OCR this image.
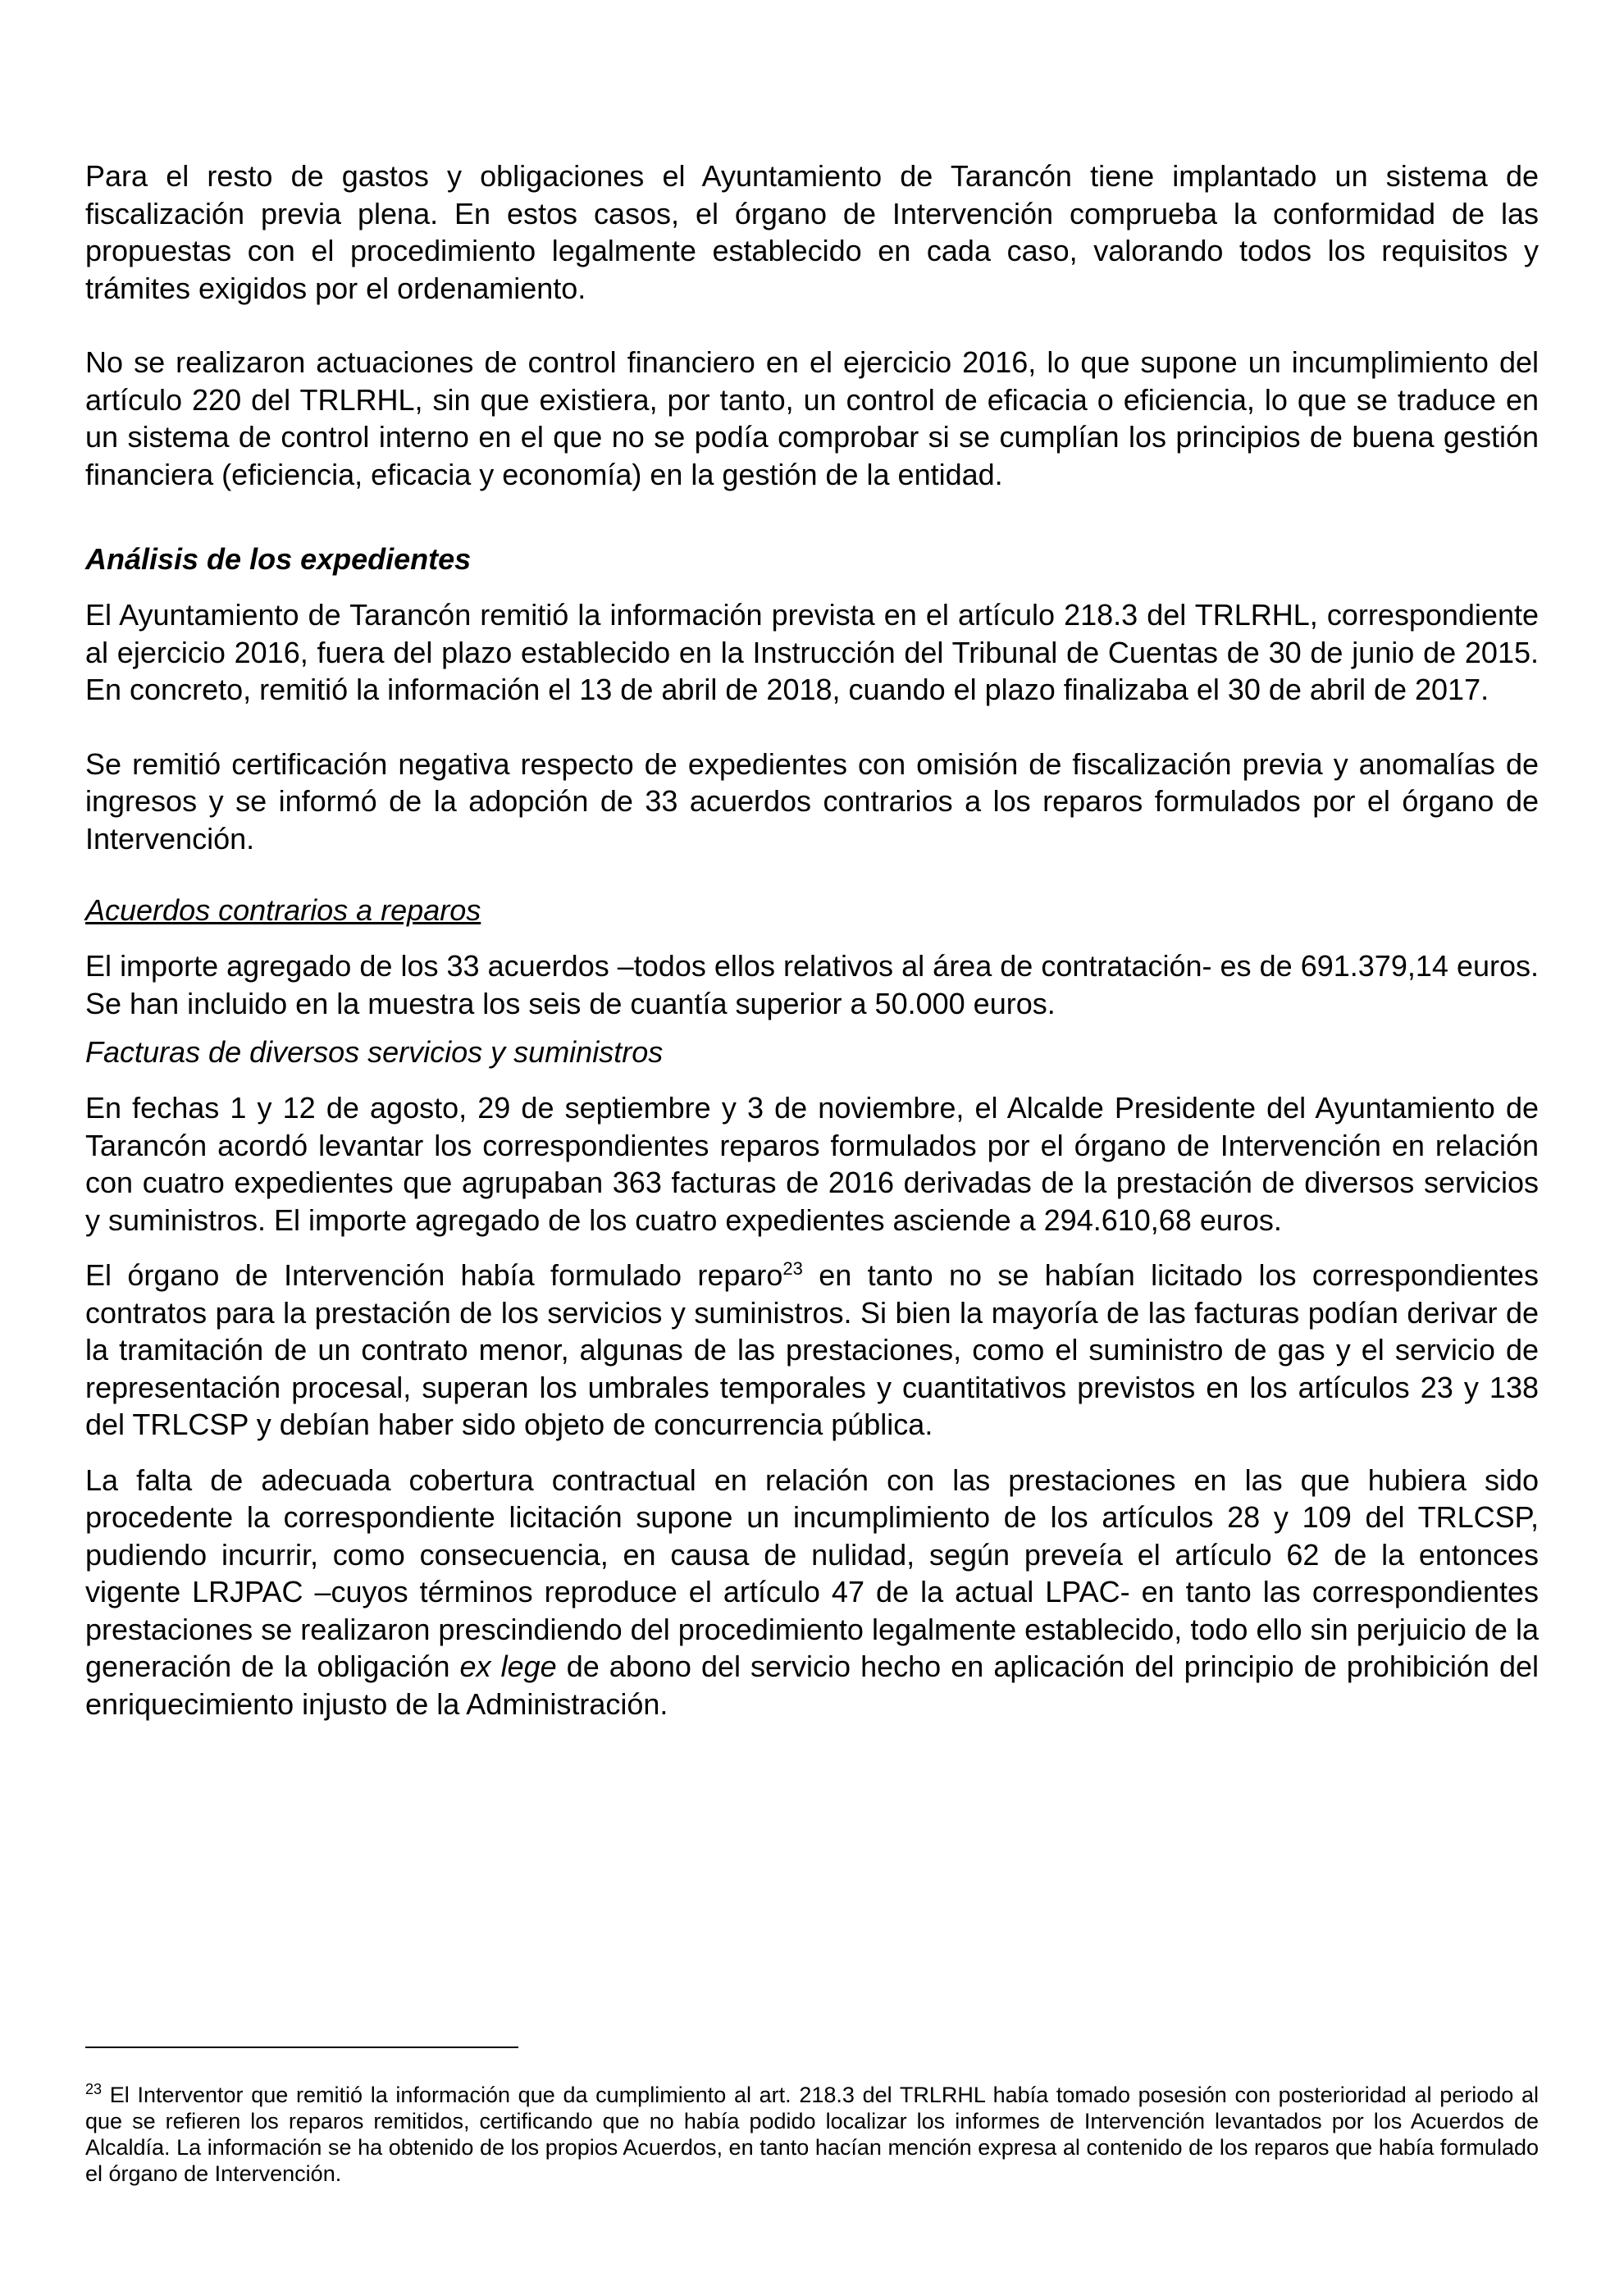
Para el resto de gastos y obligaciones el Ayuntamiento de Tarancón tiene implantado un sistema de fiscalización previa plena. En estos casos, el órgano de Intervención comprueba la conformidad de las propuestas con el procedimiento legalmente establecido en cada caso, valorando todos los requisitos y trámites exigidos por el ordenamiento.

No se realizaron actuaciones de control financiero en el ejercicio 2016, lo que supone un incumplimiento del artículo 220 del TRLRHL, sin que existiera, por tanto, un control de eficacia o eficiencia, lo que se traduce en un sistema de control interno en el que no se podía comprobar si se cumplían los principios de buena gestión financiera (eficiencia, eficacia y economía) en la gestión de la entidad.

Análisis de los expedientes

El Ayuntamiento de Tarancón remitió la información prevista en el artículo 218.3 del TRLRHL, correspondiente al ejercicio 2016, fuera del plazo establecido en la Instrucción del Tribunal de Cuentas de 30 de junio de 2015. En concreto, remitió la información el 13 de abril de 2018, cuando el plazo finalizaba el 30 de abril de 2017.

Se remitió certificación negativa respecto de expedientes con omisión de fiscalización previa y anomalías de ingresos y se informó de la adopción de 33 acuerdos contrarios a los reparos formulados por el órgano de Intervención.

Acuerdos contrarios a reparos

El importe agregado de los 33 acuerdos –todos ellos relativos al área de contratación- es de 691.379,14 euros. Se han incluido en la muestra los seis de cuantía superior a 50.000 euros.

Facturas de diversos servicios y suministros

En fechas 1 y 12 de agosto, 29 de septiembre y 3 de noviembre, el Alcalde Presidente del Ayuntamiento de Tarancón acordó levantar los correspondientes reparos formulados por el órgano de Intervención en relación con cuatro expedientes que agrupaban 363 facturas de 2016 derivadas de la prestación de diversos servicios y suministros. El importe agregado de los cuatro expedientes asciende a 294.610,68 euros.

El órgano de Intervención había formulado reparo$^{23}$ en tanto no se habían licitado los correspondientes contratos para la prestación de los servicios y suministros. Si bien la mayoría de las facturas podían derivar de la tramitación de un contrato menor, algunas de las prestaciones, como el suministro de gas y el servicio de representación procesal, superan los umbrales temporales y cuantitativos previstos en los artículos 23 y 138 del TRLCSP y debían haber sido objeto de concurrencia pública.

La falta de adecuada cobertura contractual en relación con las prestaciones en las que hubiera sido procedente la correspondiente licitación supone un incumplimiento de los artículos 28 y 109 del TRLCSP, pudiendo incurrir, como consecuencia, en causa de nulidad, según preveía el artículo 62 de la entonces vigente LRJPAC –cuyos términos reproduce el artículo 47 de la actual LPAC- en tanto las correspondientes prestaciones se realizaron prescindiendo del procedimiento legalmente establecido, todo ello sin perjuicio de la generación de la obligación ex lege de abono del servicio hecho en aplicación del principio de prohibición del enriquecimiento injusto de la Administración.

$^{23}$ El Interventor que remitió la información que da cumplimiento al art. 218.3 del TRLRHL había tomado posesión con posterioridad al periodo al que se refieren los reparos remitidos, certificando que no había podido localizar los informes de Intervención levantados por los Acuerdos de Alcaldía. La información se ha obtenido de los propios Acuerdos, en tanto hacían mención expresa al contenido de los reparos que había formulado el órgano de Intervención.
